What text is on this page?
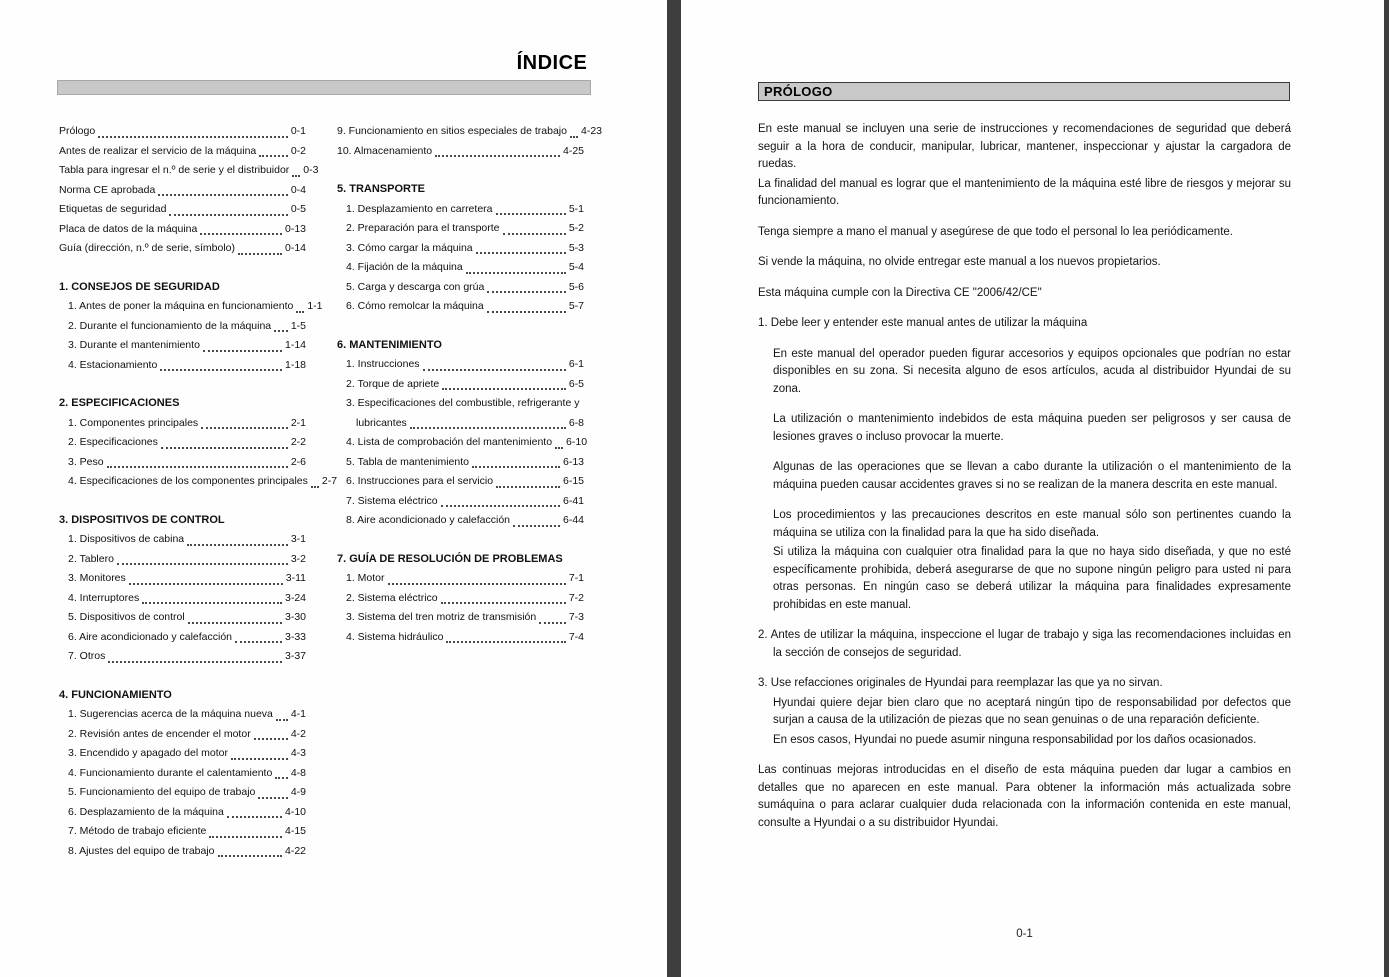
ÍNDICE
Prólogo	0-1
Antes de realizar el servicio de la máquina	0-2
Tabla para ingresar el n.º de serie y el distribuidor 0-3
Norma CE aprobada	0-4
Etiquetas de seguridad	0-5
Placa de datos de la máquina	0-13
Guía (dirección, n.º de serie, símbolo)	0-14
1. CONSEJOS DE SEGURIDAD
1. Antes de poner la máquina en funcionamiento 1-1
2. Durante el funcionamiento de la máquina 1-5
3. Durante el mantenimiento	1-14
4. Estacionamiento	1-18
2. ESPECIFICACIONES
1. Componentes principales	2-1
2. Especificaciones	2-2
3. Peso	2-6
4. Especificaciones de los componentes principales 2-7
3. DISPOSITIVOS DE CONTROL
1. Dispositivos de cabina	3-1
2. Tablero	3-2
3. Monitores	3-11
4. Interruptores	3-24
5. Dispositivos de control	3-30
6. Aire acondicionado y calefacción	3-33
7. Otros	3-37
4. FUNCIONAMIENTO
1. Sugerencias acerca de la máquina nueva 4-1
2. Revisión antes de encender el motor	4-2
3. Encendido y apagado del motor	4-3
4. Funcionamiento durante el calentamiento 4-8
5. Funcionamiento del equipo de trabajo	4-9
6. Desplazamiento de la máquina	4-10
7. Método de trabajo eficiente	4-15
8. Ajustes del equipo de trabajo	4-22
9. Funcionamiento en sitios especiales de trabajo 4-23
10. Almacenamiento	4-25
5. TRANSPORTE
1. Desplazamiento en carretera	5-1
2. Preparación para el transporte	5-2
3. Cómo cargar la máquina	5-3
4. Fijación de la máquina	5-4
5. Carga y descarga con grúa	5-6
6. Cómo remolcar la máquina	5-7
6. MANTENIMIENTO
1. Instrucciones	6-1
2. Torque de apriete	6-5
3. Especificaciones del combustible, refrigerante y
lubricantes	6-8
4. Lista de comprobación del mantenimiento 6-10
5. Tabla de mantenimiento	6-13
6. Instrucciones para el servicio	6-15
7. Sistema eléctrico	6-41
8. Aire acondicionado y calefacción	6-44
7. GUÍA DE RESOLUCIÓN DE PROBLEMAS
1. Motor	7-1
2. Sistema eléctrico	7-2
3. Sistema del tren motriz de transmisión	7-3
4. Sistema hidráulico	7-4
PRÓLOGO

En este manual se incluyen una serie de instrucciones y recomendaciones de seguridad que deberá seguir a la hora de conducir, manipular, lubricar, mantener, inspeccionar y ajustar la cargadora de ruedas.

La finalidad del manual es lograr que el mantenimiento de la máquina esté libre de riesgos y mejorar su funcionamiento.

Tenga siempre a mano el manual y asegúrese de que todo el personal lo lea periódicamente.

Si vende la máquina, no olvide entregar este manual a los nuevos propietarios.

Esta máquina cumple con la Directiva CE "2006/42/CE"

1. Debe leer y entender este manual antes de utilizar la máquina

En este manual del operador pueden figurar accesorios y equipos opcionales que podrían no estar disponibles en su zona. Si necesita alguno de esos artículos, acuda al distribuidor Hyundai de su zona.

La utilización o mantenimiento indebidos de esta máquina pueden ser peligrosos y ser causa de lesiones graves o incluso provocar la muerte.

Algunas de las operaciones que se llevan a cabo durante la utilización o el mantenimiento de la máquina pueden causar accidentes graves si no se realizan de la manera descrita en este manual.

Los procedimientos y las precauciones descritos en este manual sólo son pertinentes cuando la máquina se utiliza con la finalidad para la que ha sido diseñada.

Si utiliza la máquina con cualquier otra finalidad para la que no haya sido diseñada, y que no esté específicamente prohibida, deberá asegurarse de que no supone ningún peligro para usted ni para otras personas. En ningún caso se deberá utilizar la máquina para finalidades expresamente prohibidas en este manual.

2. Antes de utilizar la máquina, inspeccione el lugar de trabajo y siga las recomendaciones incluidas en la sección de consejos de seguridad.

3. Use refacciones originales de Hyundai para reemplazar las que ya no sirvan.

Hyundai quiere dejar bien claro que no aceptará ningún tipo de responsabilidad por defectos que surjan a causa de la utilización de piezas que no sean genuinas o de una reparación deficiente.

En esos casos, Hyundai no puede asumir ninguna responsabilidad por los daños ocasionados.

Las continuas mejoras introducidas en el diseño de esta máquina pueden dar lugar a cambios en detalles que no aparecen en este manual. Para obtener la información más actualizada sobre sumáquina o para aclarar cualquier duda relacionada con la información contenida en este manual, consulte a Hyundai o a su distribuidor Hyundai.

0-1
